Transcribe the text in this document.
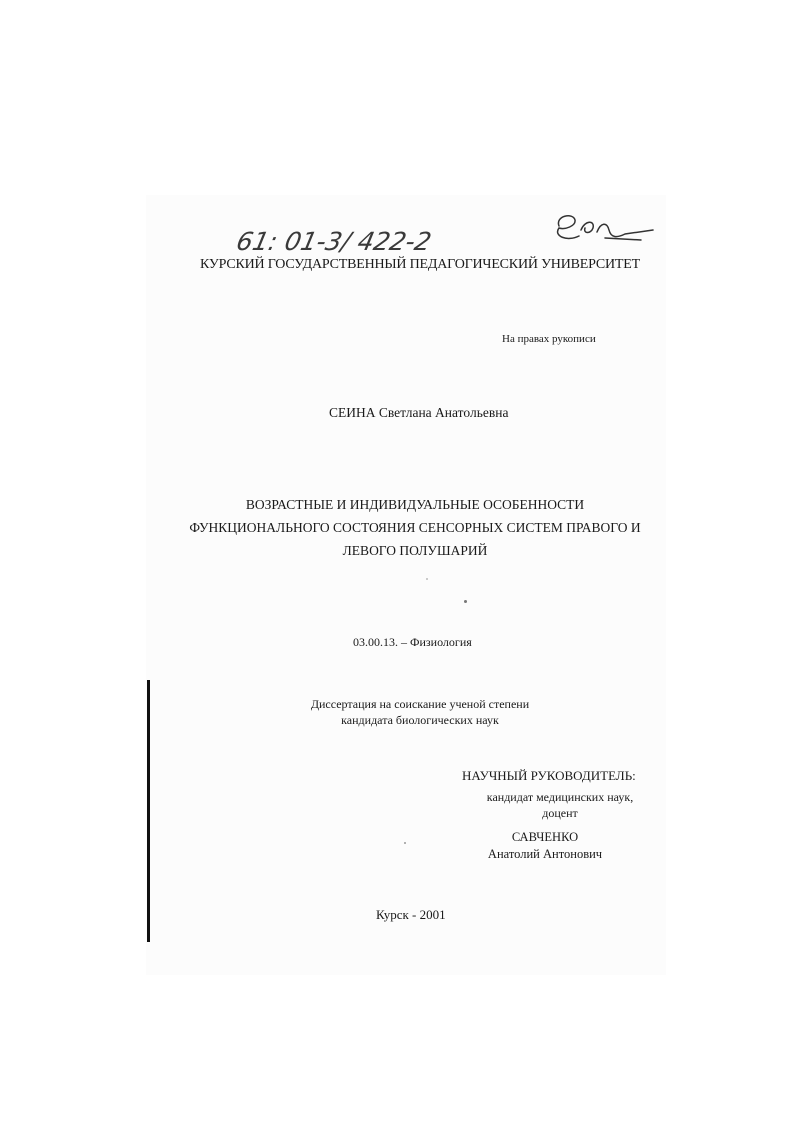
61: 01-3/ 422-2
КУРСКИЙ ГОСУДАРСТВЕННЫЙ ПЕДАГОГИЧЕСКИЙ УНИВЕРСИТЕТ
На правах рукописи
СЕИНА Светлана Анатольевна
ВОЗРАСТНЫЕ И ИНДИВИДУАЛЬНЫЕ ОСОБЕННОСТИ
ФУНКЦИОНАЛЬНОГО СОСТОЯНИЯ СЕНСОРНЫХ СИСТЕМ ПРАВОГО И
ЛЕВОГО ПОЛУШАРИЙ
03.00.13. – Физиология
Диссертация на соискание ученой степени
кандидата биологических наук
НАУЧНЫЙ РУКОВОДИТЕЛЬ:
кандидат медицинских наук,
доцент
САВЧЕНКО
Анатолий Антонович
Курск - 2001
